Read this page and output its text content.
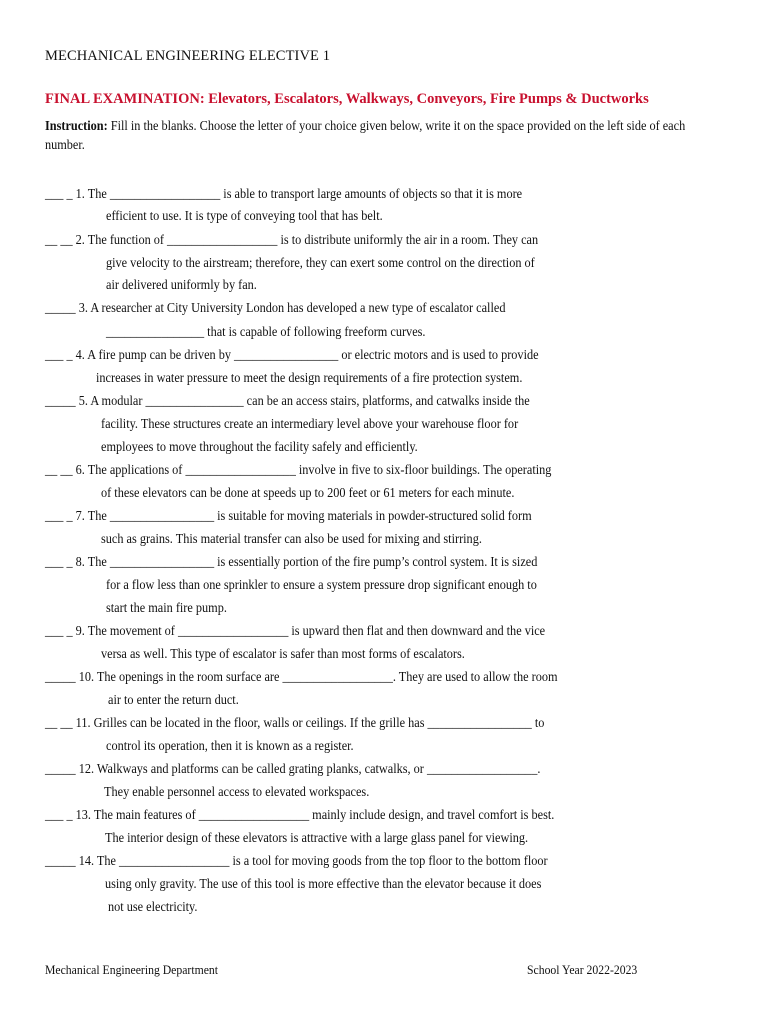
MECHANICAL ENGINEERING ELECTIVE 1
FINAL EXAMINATION: Elevators, Escalators, Walkways, Conveyors, Fire Pumps & Ductworks
Instruction: Fill in the blanks. Choose the letter of your choice given below, write it on the space provided on the left side of each number.
___ _ 1. The __________________ is able to transport large amounts of objects so that it is more
efficient to use. It is type of conveying tool that has belt.
__ __ 2. The function of __________________ is to distribute uniformly the air in a room. They can
give velocity to the airstream; therefore, they can exert some control on the direction of
air delivered uniformly by fan.
_____ 3. A researcher at City University London has developed a new type of escalator called
________________ that is capable of following freeform curves.
___ _ 4. A fire pump can be driven by _________________ or electric motors and is used to provide
increases in water pressure to meet the design requirements of a fire protection system.
_____ 5. A modular ________________ can be an access stairs, platforms, and catwalks inside the
facility. These structures create an intermediary level above your warehouse floor for
employees to move throughout the facility safely and efficiently.
__ __ 6. The applications of __________________ involve in five to six-floor buildings. The operating
of these elevators can be done at speeds up to 200 feet or 61 meters for each minute.
___ _ 7. The _________________ is suitable for moving materials in powder-structured solid form
such as grains. This material transfer can also be used for mixing and stirring.
___ _ 8. The _________________ is essentially portion of the fire pump’s control system. It is sized
for a flow less than one sprinkler to ensure a system pressure drop significant enough to
start the main fire pump.
___ _ 9. The movement of __________________ is upward then flat and then downward and the vice
versa as well. This type of escalator is safer than most forms of escalators.
_____ 10. The openings in the room surface are __________________. They are used to allow the room
air to enter the return duct.
__ __ 11. Grilles can be located in the floor, walls or ceilings. If the grille has _________________ to
control its operation, then it is known as a register.
_____ 12. Walkways and platforms can be called grating planks, catwalks, or __________________.
They enable personnel access to elevated workspaces.
___ _ 13. The main features of __________________ mainly include design, and travel comfort is best.
The interior design of these elevators is attractive with a large glass panel for viewing.
_____ 14. The __________________ is a tool for moving goods from the top floor to the bottom floor
using only gravity. The use of this tool is more effective than the elevator because it does
not use electricity.
Mechanical Engineering Department	School Year 2022-2023
